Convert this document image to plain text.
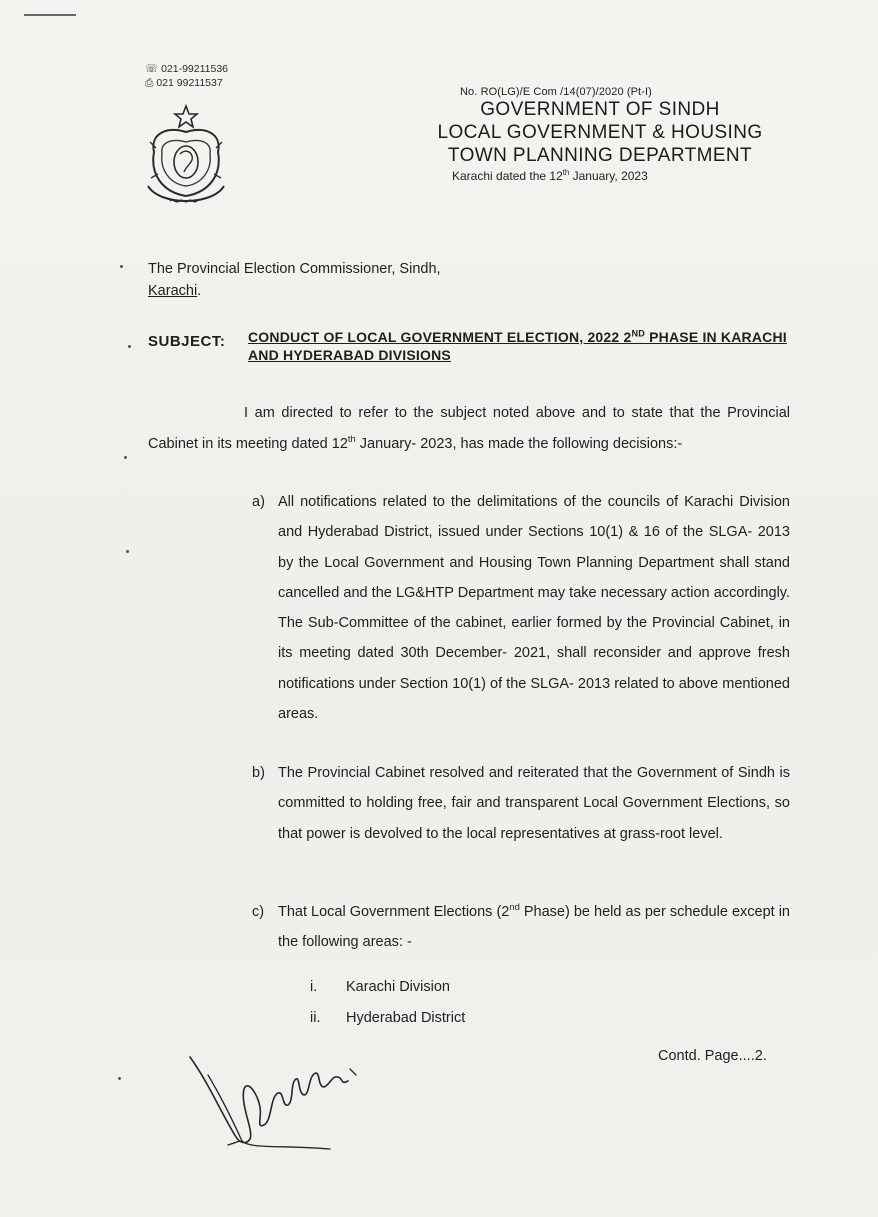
☏ 021-99211536
⎙ 021 99211537
No. RO(LG)/E Com /14(07)/2020 (Pt-I)
GOVERNMENT OF SINDH
LOCAL GOVERNMENT & HOUSING
TOWN PLANNING DEPARTMENT
Karachi dated the 12th January, 2023
The Provincial Election Commissioner, Sindh,
Karachi.
SUBJECT: CONDUCT OF LOCAL GOVERNMENT ELECTION, 2022 2ND PHASE IN KARACHI AND HYDERABAD DIVISIONS
I am directed to refer to the subject noted above and to state that the Provincial Cabinet in its meeting dated 12th January- 2023, has made the following decisions:-
a) All notifications related to the delimitations of the councils of Karachi Division and Hyderabad District, issued under Sections 10(1) & 16 of the SLGA- 2013 by the Local Government and Housing Town Planning Department shall stand cancelled and the LG&HTP Department may take necessary action accordingly. The Sub-Committee of the cabinet, earlier formed by the Provincial Cabinet, in its meeting dated 30th December- 2021, shall reconsider and approve fresh notifications under Section 10(1) of the SLGA- 2013 related to above mentioned areas.
b) The Provincial Cabinet resolved and reiterated that the Government of Sindh is committed to holding free, fair and transparent Local Government Elections, so that power is devolved to the local representatives at grass-root level.
c) That Local Government Elections (2nd Phase) be held as per schedule except in the following areas: -
i. Karachi Division
ii. Hyderabad District
Contd. Page....2.
